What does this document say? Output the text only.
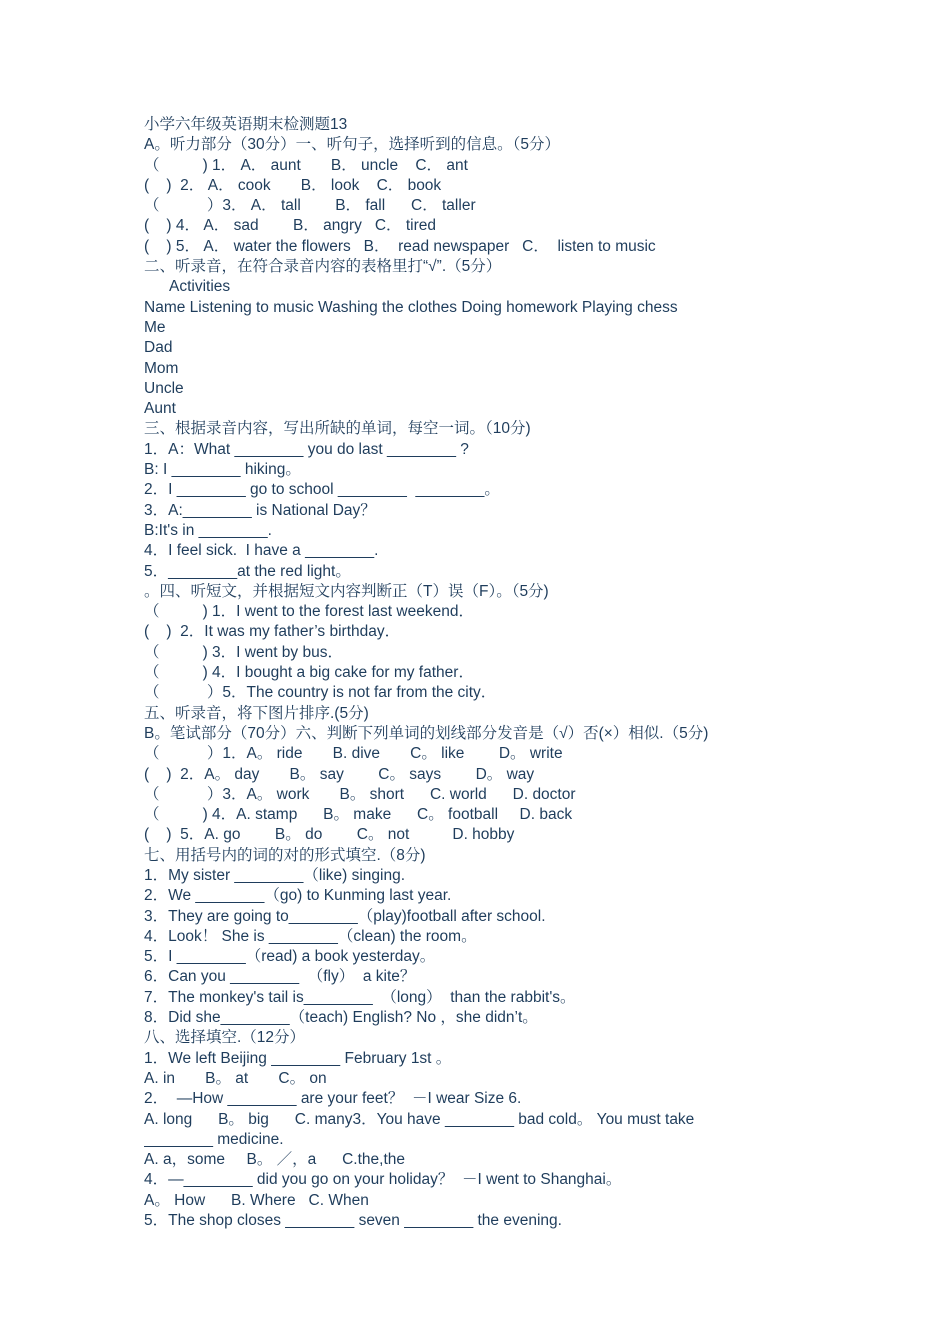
小学六年级英语期末检测题13
A。听力部分（30分）一、听句子，选择听到的信息。（5分）
（          ) 1． A． aunt       B． uncle    C． ant
(    )  2． A． cook       B． look    C． book
（           ）3． A． tall        B． fall      C． taller
(    ) 4． A． sad        B． angry   C． tired
(    ) 5． A． water the flowers   B．  read newspaper   C．  listen to music
二、听录音，在符合录音内容的表格里打“√”.（5分）
Activities
Name Listening to music Washing the clothes Doing homework Playing chess
Me
Dad
Mom
Uncle
Aunt
三、根据录音内容，写出所缺的单词，每空一词。（10分)
1．A：What ________ you do last ________ ?
B: I ________ hiking。
2．I ________ go to school ________  ________。
3．A:________ is National Day？
B:It's in ________.
4．I feel sick.  I have a ________.
5．________at the red light。
。四、听短文，并根据短文内容判断正（T）误（F）。（5分)
（          ) 1．I went to the forest last weekend．
(    )  2．It was my father’s birthday．
（          ) 3．I went by bus．
（          ) 4．I bought a big cake for my father．
（           ）5．The country is not far from the city．
五、听录音，将下图片排序.(5分)
B。笔试部分（70分）六、判断下列单词的划线部分发音是（√）否(×）相似.（5分)
（           ）1．A。 ride       B. dive       C。 like        D。 write
(    )  2．A。 day       B。 say        C。 says        D。 way
（           ）3．A。 work       B。 short      C. world      D. doctor
（          ) 4．A. stamp      B。 make      C。 football     D. back
(    )  5．A. go        B。 do        C。 not          D. hobby
七、用括号内的词的对的形式填空.（8分)
1．My sister ________（like) singing.
2．We ________（go) to Kunming last year.
3．They are going to________（play)football after school.
4．Look！ She is ________（clean) the room。
5．I ________（read) a book yesterday。
6．Can you ________  （fly）  a kite？
7．The monkey's tail is________  （long）  than the rabbit's。
8．Did she________（teach) English? No ，she didn’t。
八、选择填空.（12分）
1．We left Beijing ________ February 1st 。
A. in       B。 at       C。 on
2．  —How ________ are your feet？  －I wear Size 6.
A. long      B。 big      C. many3．You have ________ bad cold。 You must take
________ medicine.
A. a，some     B。 ／，a      C.the,the
4．—________ did you go on your holiday？  －I went to Shanghai。
A。 How      B. Where   C. When
5．The shop closes ________ seven ________ the evening.
